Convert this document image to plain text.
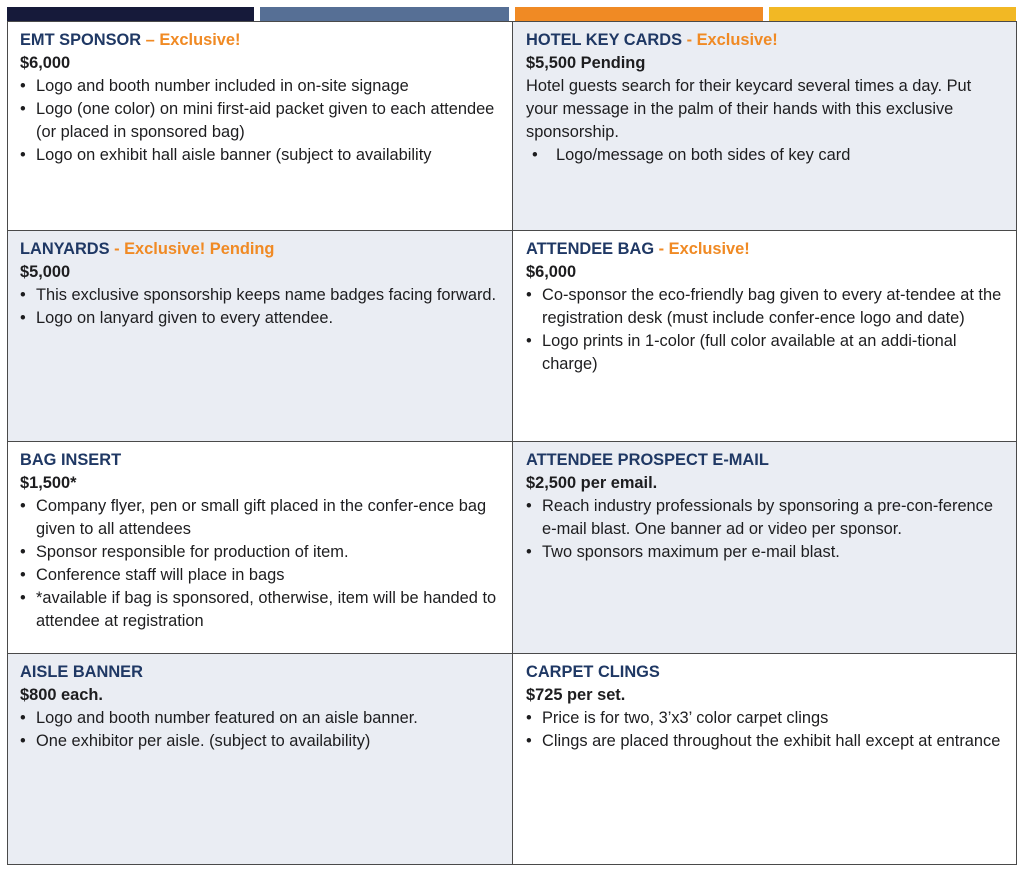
EMT SPONSOR – Exclusive!
$6,000
• Logo and booth number included in on-site signage
• Logo (one color) on mini first-aid packet given to each attendee (or placed in sponsored bag)
• Logo on exhibit hall aisle banner (subject to availability
HOTEL KEY CARDS - Exclusive!
$5,500 Pending

Hotel guests search for their keycard several times a day. Put your message in the palm of their hands with this exclusive sponsorship.

• Logo/message on both sides of key card
LANYARDS - Exclusive! Pending
$5,000
• This exclusive sponsorship keeps name badges facing forward.
• Logo on lanyard given to every attendee.
ATTENDEE BAG - Exclusive!
$6,000
• Co-sponsor the eco-friendly bag given to every at-tendee at the registration desk (must include confer-ence logo and date)
• Logo prints in 1-color (full color available at an addi-tional charge)
BAG INSERT
$1,500*
• Company flyer, pen or small gift placed in the confer-ence bag given to all attendees
• Sponsor responsible for production of item.
• Conference staff will place in bags
• *available if bag is sponsored, otherwise, item will be handed to attendee at registration
ATTENDEE PROSPECT E-MAIL
$2,500 per email.
• Reach industry professionals by sponsoring a pre-con-ference e-mail blast. One banner ad or video per sponsor.
• Two sponsors maximum per e-mail blast.
AISLE BANNER
$800 each.
• Logo and booth number featured on an aisle banner.
• One exhibitor per aisle. (subject to availability)
CARPET CLINGS
$725 per set.
• Price is for two, 3’x3’ color carpet clings
• Clings are placed throughout the exhibit hall except at entrance
